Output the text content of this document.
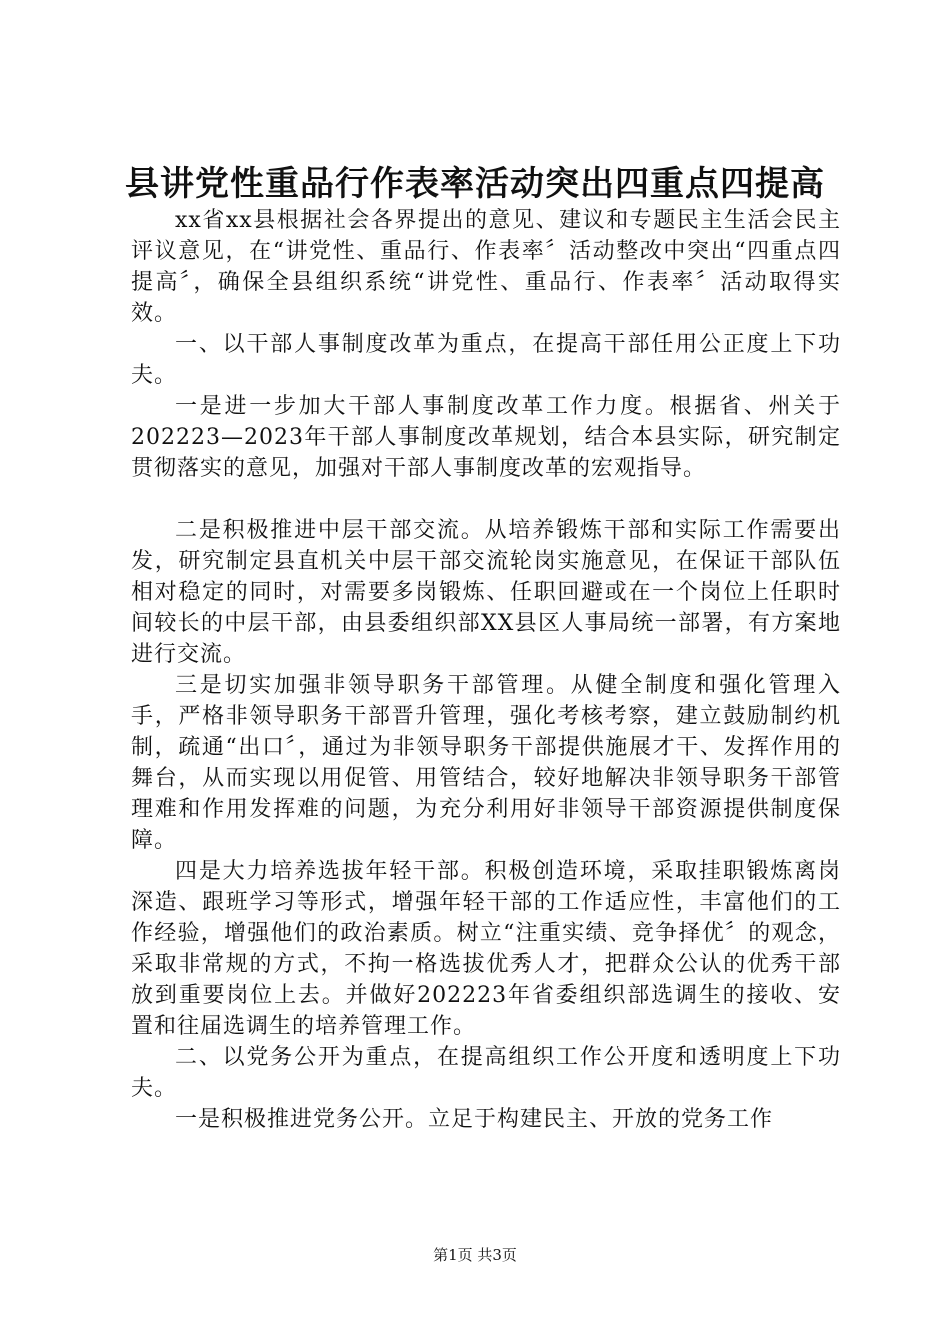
县讲党性重品行作表率活动突出四重点四提高

xx省xx县根据社会各界提出的意见、建议和专题民主生活会民主评议意见，在“讲党性、重品行、作表率〞活动整改中突出“四重点四提高〞，确保全县组织系统“讲党性、重品行、作表率〞活动取得实效。

一、以干部人事制度改革为重点，在提高干部任用公正度上下功夫。

一是进一步加大干部人事制度改革工作力度。根据省、州关于202223—2023年干部人事制度改革规划，结合本县实际，研究制定贯彻落实的意见，加强对干部人事制度改革的宏观指导。

二是积极推进中层干部交流。从培养锻炼干部和实际工作需要出发，研究制定县直机关中层干部交流轮岗实施意见，在保证干部队伍相对稳定的同时，对需要多岗锻炼、任职回避或在一个岗位上任职时间较长的中层干部，由县委组织部XX县区人事局统一部署，有方案地进行交流。

三是切实加强非领导职务干部管理。从健全制度和强化管理入手，严格非领导职务干部晋升管理，强化考核考察，建立鼓励制约机制，疏通“出口〞，通过为非领导职务干部提供施展才干、发挥作用的舞台，从而实现以用促管、用管结合，较好地解决非领导职务干部管理难和作用发挥难的问题，为充分利用好非领导干部资源提供制度保障。

四是大力培养选拔年轻干部。积极创造环境，采取挂职锻炼离岗深造、跟班学习等形式，增强年轻干部的工作适应性，丰富他们的工作经验，增强他们的政治素质。树立“注重实绩、竞争择优〞的观念，采取非常规的方式，不拘一格选拔优秀人才，把群众公认的优秀干部放到重要岗位上去。并做好202223年省委组织部选调生的接收、安置和往届选调生的培养管理工作。

二、以党务公开为重点，在提高组织工作公开度和透明度上下功夫。

一是积极推进党务公开。立足于构建民主、开放的党务工作

第1页 共3页
